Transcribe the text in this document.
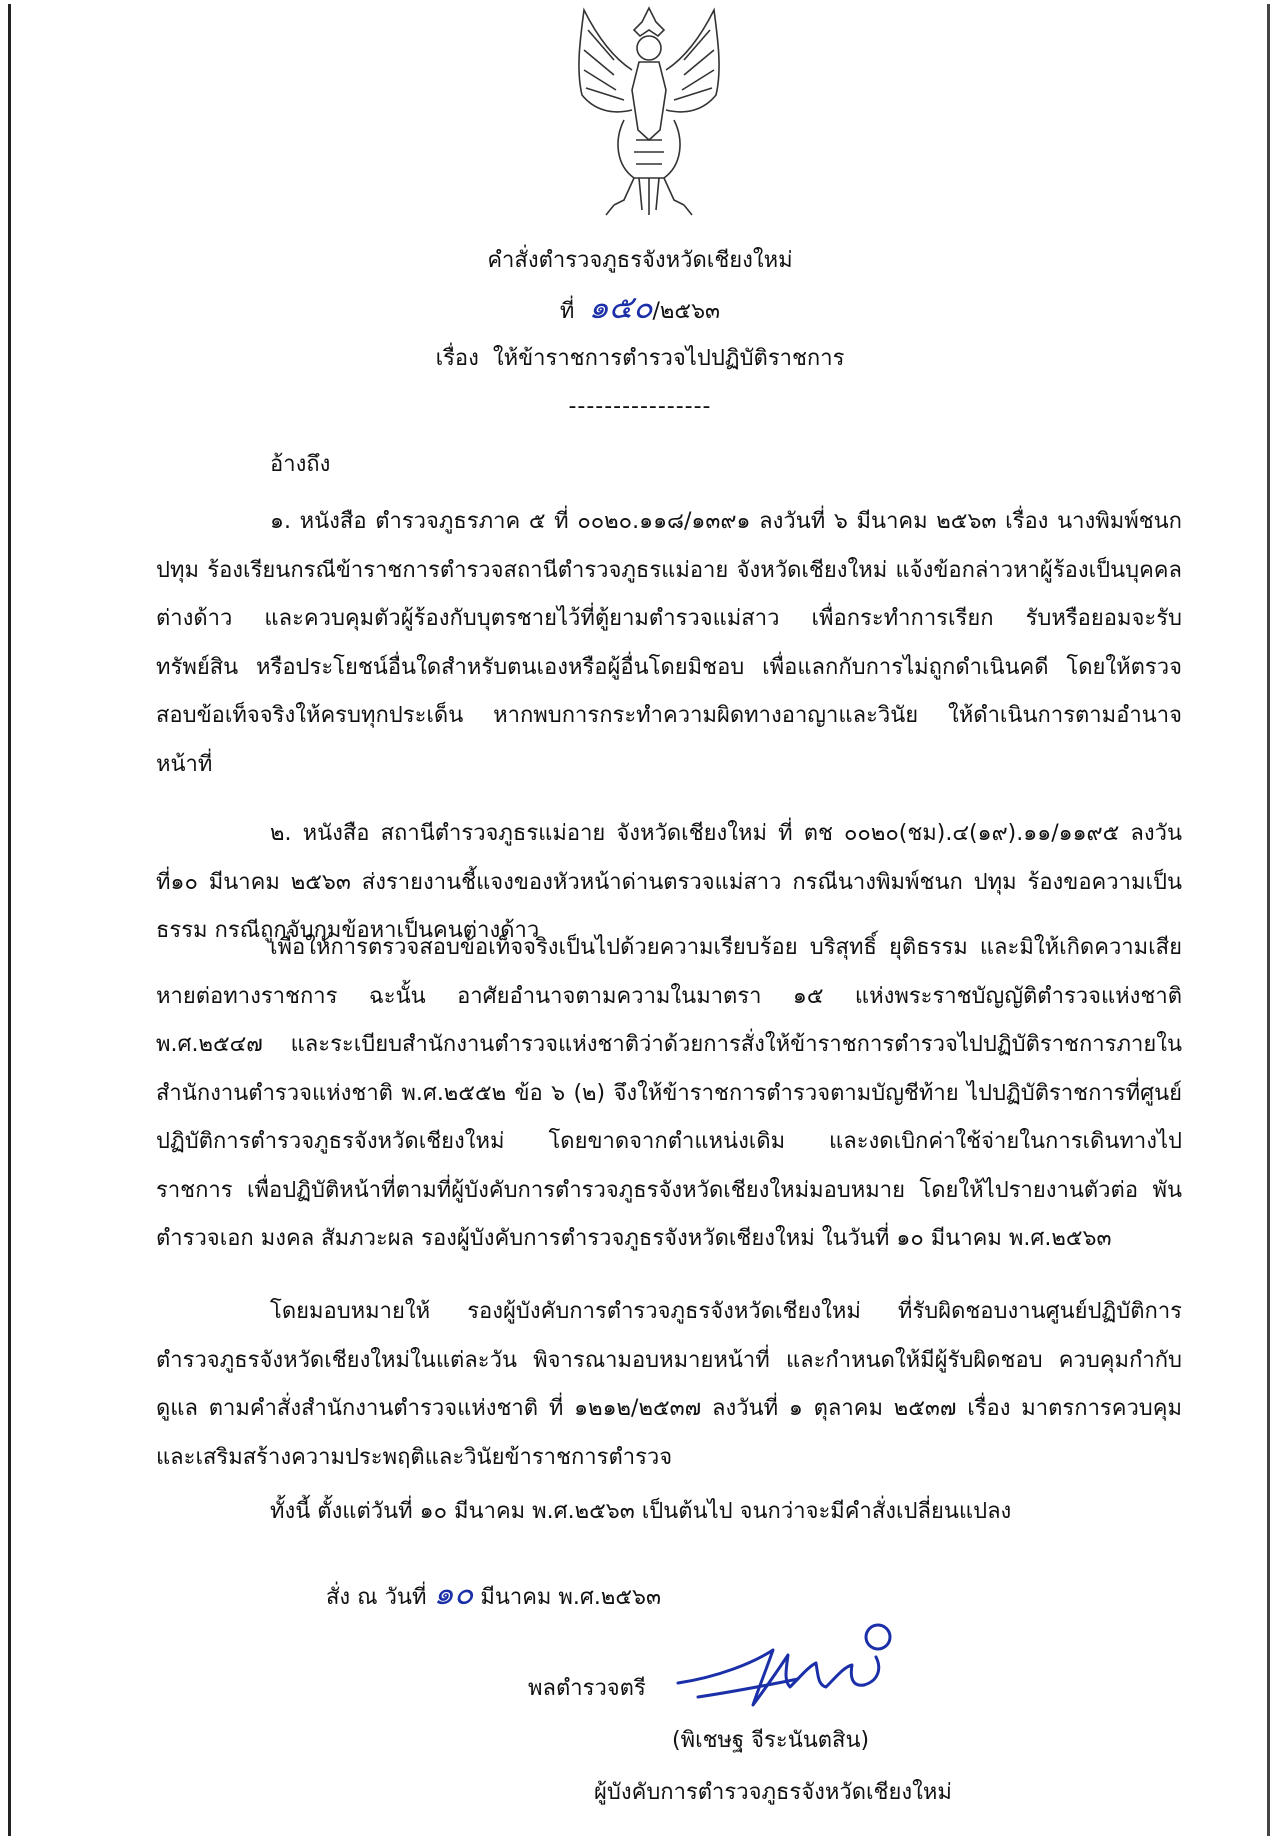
คำสั่งตำรวจภูธรจังหวัดเชียงใหม่
ที่ ๑๕๐/๒๕๖๓
เรื่อง ให้ข้าราชการตำรวจไปปฏิบัติราชการ
----------------
อ้างถึง

๑. หนังสือ ตำรวจภูธรภาค ๕ ที่ ๐๐๒๐.๑๑๘/๑๓๙๑ ลงวันที่ ๖ มีนาคม ๒๕๖๓ เรื่อง นางพิมพ์ชนก ปทุม ร้องเรียนกรณีข้าราชการตำรวจสถานีตำรวจภูธรแม่อาย จังหวัดเชียงใหม่ แจ้งข้อกล่าวหาผู้ร้องเป็นบุคคลต่างด้าว และควบคุมตัวผู้ร้องกับบุตรชายไว้ที่ตู้ยามตำรวจแม่สาว เพื่อกระทำการเรียก รับหรือยอมจะรับทรัพย์สิน หรือประโยชน์อื่นใดสำหรับตนเองหรือผู้อื่นโดยมิชอบ เพื่อแลกกับการไม่ถูกดำเนินคดี โดยให้ตรวจสอบข้อเท็จจริงให้ครบทุกประเด็น หากพบการกระทำความผิดทางอาญาและวินัย ให้ดำเนินการตามอำนาจหน้าที่

๒. หนังสือ สถานีตำรวจภูธรแม่อาย จังหวัดเชียงใหม่ ที่ ตช ๐๐๒๐(ชม).๔(๑๙).๑๑/๑๑๙๕ ลงวันที่๑๐ มีนาคม ๒๕๖๓ ส่งรายงานชี้แจงของหัวหน้าด่านตรวจแม่สาว กรณีนางพิมพ์ชนก ปทุม ร้องขอความเป็นธรรม กรณีถูกจับกุมข้อหาเป็นคนต่างด้าว

เพื่อให้การตรวจสอบข้อเท็จจริงเป็นไปด้วยความเรียบร้อย บริสุทธิ์ ยุติธรรม และมิให้เกิดความเสียหายต่อทางราชการ ฉะนั้น อาศัยอำนาจตามความในมาตรา ๑๕ แห่งพระราชบัญญัติตำรวจแห่งชาติ พ.ศ.๒๕๔๗ และระเบียบสำนักงานตำรวจแห่งชาติว่าด้วยการสั่งให้ข้าราชการตำรวจไปปฏิบัติราชการภายในสำนักงานตำรวจแห่งชาติ พ.ศ.๒๕๕๒ ข้อ ๖ (๒) จึงให้ข้าราชการตำรวจตามบัญชีท้าย ไปปฏิบัติราชการที่ศูนย์ปฏิบัติการตำรวจภูธรจังหวัดเชียงใหม่ โดยขาดจากตำแหน่งเดิม และงดเบิกค่าใช้จ่ายในการเดินทางไปราชการ เพื่อปฏิบัติหน้าที่ตามที่ผู้บังคับการตำรวจภูธรจังหวัดเชียงใหม่มอบหมาย โดยให้ไปรายงานตัวต่อ พันตำรวจเอก มงคล สัมภวะผล รองผู้บังคับการตำรวจภูธรจังหวัดเชียงใหม่ ในวันที่ ๑๐ มีนาคม พ.ศ.๒๕๖๓

โดยมอบหมายให้ รองผู้บังคับการตำรวจภูธรจังหวัดเชียงใหม่ ที่รับผิดชอบงานศูนย์ปฏิบัติการตำรวจภูธรจังหวัดเชียงใหม่ในแต่ละวัน พิจารณามอบหมายหน้าที่ และกำหนดให้มีผู้รับผิดชอบ ควบคุมกำกับ ดูแล ตามคำสั่งสำนักงานตำรวจแห่งชาติ ที่ ๑๒๑๒/๒๕๓๗ ลงวันที่ ๑ ตุลาคม ๒๕๓๗ เรื่อง มาตรการควบคุมและเสริมสร้างความประพฤติและวินัยข้าราชการตำรวจ

ทั้งนี้ ตั้งแต่วันที่ ๑๐ มีนาคม พ.ศ.๒๕๖๓ เป็นต้นไป จนกว่าจะมีคำสั่งเปลี่ยนแปลง
สั่ง ณ วันที่ ๑๐ มีนาคม พ.ศ.๒๕๖๓
พลตำรวจตรี
(พิเชษฐ จีระนันตสิน)
ผู้บังคับการตำรวจภูธรจังหวัดเชียงใหม่
